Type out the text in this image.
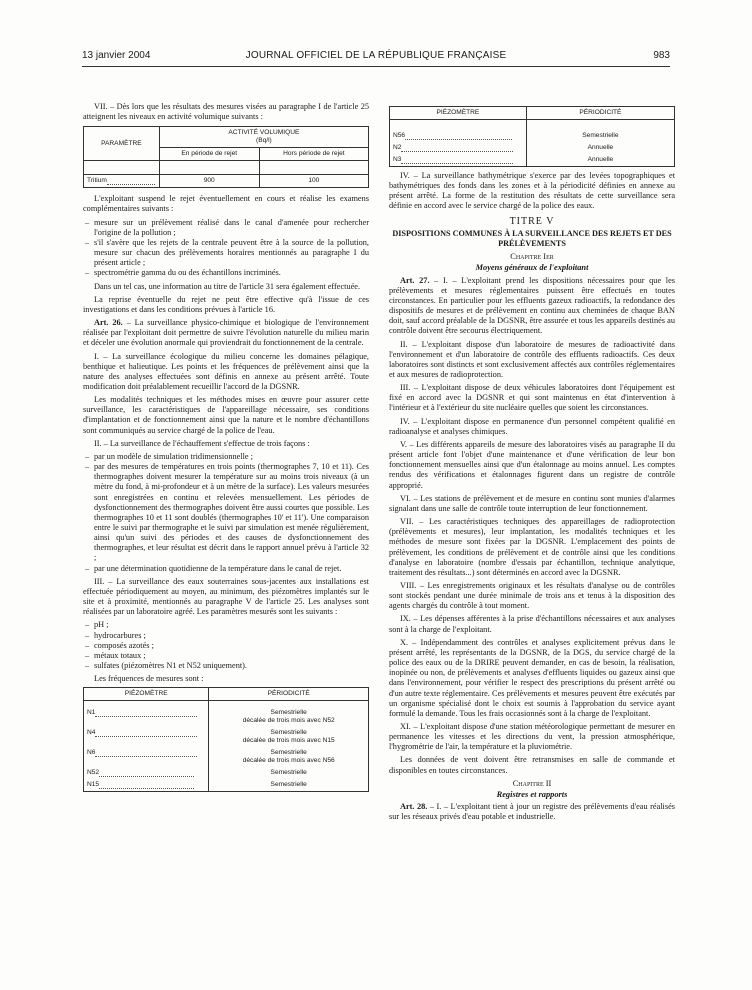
13 janvier 2004	JOURNAL OFFICIEL DE LA RÉPUBLIQUE FRANÇAISE	983

VII. – Dès lors que les résultats des mesures visées au paragraphe I de l'article 25 atteignent les niveaux en activité volumique suivants :

PARAMÈTRE	ACTIVITÉ VOLUMIQUE
(Bq/l)	
	En période de rejet	Hors période de rejet

Tritium	900	100

L'exploitant suspend le rejet éventuellement en cours et réalise les examens complémentaires suivants :

– mesure sur un prélèvement réalisé dans le canal d'amenée pour rechercher l'origine de la pollution ;
– s'il s'avère que les rejets de la centrale peuvent être à la source de la pollution, mesure sur chacun des prélèvements horaires mentionnés au paragraphe I du présent article ;
– spectrométrie gamma du ou des échantillons incriminés.

Dans un tel cas, une information au titre de l'article 31 sera également effectuée.

La reprise éventuelle du rejet ne peut être effective qu'à l'issue de ces investigations et dans les conditions prévues à l'article 16.

Art. 26. – La surveillance physico-chimique et biologique de l'environnement réalisée par l'exploitant doit permettre de suivre l'évolution naturelle du milieu marin et déceler une évolution anormale qui proviendrait du fonctionnement de la centrale.

I. – La surveillance écologique du milieu concerne les domaines pélagique, benthique et halieutique. Les points et les fréquences de prélèvement ainsi que la nature des analyses effectuées sont définis en annexe au présent arrêté. Toute modification doit préalablement recueillir l'accord de la DGSNR.

Les modalités techniques et les méthodes mises en œuvre pour assurer cette surveillance, les caractéristiques de l'appareillage nécessaire, ses conditions d'implantation et de fonctionnement ainsi que la nature et le nombre d'échantillons sont communiqués au service chargé de la police de l'eau.

II. – La surveillance de l'échauffement s'effectue de trois façons :

– par un modèle de simulation tridimensionnelle ;
– par des mesures de températures en trois points (thermographes 7, 10 et 11). Ces thermographes doivent mesurer la température sur au moins trois niveaux (à un mètre du fond, à mi-profondeur et à un mètre de la surface). Les valeurs mesurées sont enregistrées en continu et relevées mensuellement. Les périodes de dysfonctionnement des thermographes doivent être aussi courtes que possible. Les thermographes 10 et 11 sont doublés (thermographes 10' et 11'). Une comparaison entre le suivi par thermographe et le suivi par simulation est menée régulièrement, ainsi qu'un suivi des périodes et des causes de dysfonctionnement des thermographes, et leur résultat est décrit dans le rapport annuel prévu à l'article 32 ;
– par une détermination quotidienne de la température dans le canal de rejet.

III. – La surveillance des eaux souterraines sous-jacentes aux installations est effectuée périodiquement au moyen, au minimum, des piézomètres implantés sur le site et à proximité, mentionnés au paragraphe V de l'article 25. Les analyses sont réalisées par un laboratoire agréé. Les paramètres mesurés sont les suivants :

– pH ;
– hydrocarbures ;
– composés azotés ;
– métaux totaux ;
– sulfates (piézomètres N1 et N52 uniquement).

Les fréquences de mesures sont :

PIÉZOMÈTRE	PÉRIODICITÉ

N1	Semestrielle
décalée de trois mois avec N52
N4	Semestrielle
décalée de trois mois avec N15
N6	Semestrielle
décalée de trois mois avec N56
N52	Semestrielle
N15	Semestrielle
PIÉZOMÈTRE	PÉRIODICITÉ

N56	Semestrielle
N2	Annuelle
N3	Annuelle

IV. – La surveillance bathymétrique s'exerce par des levées topographiques et bathymétriques des fonds dans les zones et à la périodicité définies en annexe au présent arrêté. La forme de la restitution des résultats de cette surveillance sera définie en accord avec le service chargé de la police des eaux.

TITRE V
DISPOSITIONS COMMUNES À LA SURVEILLANCE DES REJETS ET DES PRÉLÈVEMENTS
Chapitre Ier
Moyens généraux de l'exploitant

Art. 27. – I. – L'exploitant prend les dispositions nécessaires pour que les prélèvements et mesures réglementaires puissent être effectués en toutes circonstances. En particulier pour les effluents gazeux radioactifs, la redondance des dispositifs de mesures et de prélèvement en continu aux cheminées de chaque BAN doit, sauf accord préalable de la DGSNR, être assurée et tous les appareils destinés au contrôle doivent être secourus électriquement.

II. – L'exploitant dispose d'un laboratoire de mesures de radioactivité dans l'environnement et d'un laboratoire de contrôle des effluents radioactifs. Ces deux laboratoires sont distincts et sont exclusivement affectés aux contrôles réglementaires et aux mesures de radioprotection.

III. – L'exploitant dispose de deux véhicules laboratoires dont l'équipement est fixé en accord avec la DGSNR et qui sont maintenus en état d'intervention à l'intérieur et à l'extérieur du site nucléaire quelles que soient les circonstances.

IV. – L'exploitant dispose en permanence d'un personnel compétent qualifié en radioanalyse et analyses chimiques.

V. – Les différents appareils de mesure des laboratoires visés au paragraphe II du présent article font l'objet d'une maintenance et d'une vérification de leur bon fonctionnement mensuelles ainsi que d'un étalonnage au moins annuel. Les comptes rendus des vérifications et étalonnages figurent dans un registre de contrôle approprié.

VI. – Les stations de prélèvement et de mesure en continu sont munies d'alarmes signalant dans une salle de contrôle toute interruption de leur fonctionnement.

VII. – Les caractéristiques techniques des appareillages de radioprotection (prélèvements et mesures), leur implantation, les modalités techniques et les méthodes de mesure sont fixées par la DGSNR. L'emplacement des points de prélèvement, les conditions de prélèvement et de contrôle ainsi que les conditions d'analyse en laboratoire (nombre d'essais par échantillon, technique analytique, traitement des résultats...) sont déterminés en accord avec la DGSNR.

VIII. – Les enregistrements originaux et les résultats d'analyse ou de contrôles sont stockés pendant une durée minimale de trois ans et tenus à la disposition des agents chargés du contrôle à tout moment.

IX. – Les dépenses afférentes à la prise d'échantillons nécessaires et aux analyses sont à la charge de l'exploitant.

X. – Indépendamment des contrôles et analyses explicitement prévus dans le présent arrêté, les représentants de la DGSNR, de la DGS, du service chargé de la police des eaux ou de la DRIRE peuvent demander, en cas de besoin, la réalisation, inopinée ou non, de prélèvements et analyses d'effluents liquides ou gazeux ainsi que dans l'environnement, pour vérifier le respect des prescriptions du présent arrêté ou d'un autre texte réglementaire. Ces prélèvements et mesures peuvent être exécutés par un organisme spécialisé dont le choix est soumis à l'approbation du service ayant formulé la demande. Tous les frais occasionnés sont à la charge de l'exploitant.

XI. – L'exploitant dispose d'une station météorologique permettant de mesurer en permanence les vitesses et les directions du vent, la pression atmosphérique, l'hygrométrie de l'air, la température et la pluviométrie.

Les données de vent doivent être retransmises en salle de commande et disponibles en toutes circonstances.

Chapitre II
Registres et rapports

Art. 28. – I. – L'exploitant tient à jour un registre des prélèvements d'eau réalisés sur les réseaux privés d'eau potable et industrielle.
